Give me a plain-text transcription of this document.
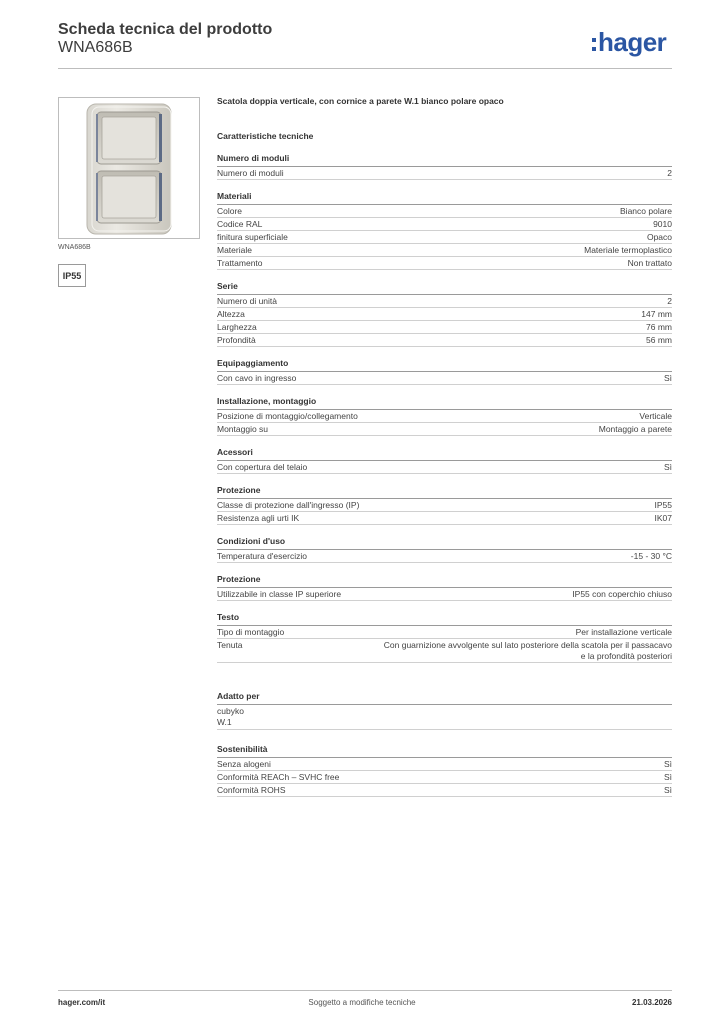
Scheda tecnica del prodotto
WNA686B	hager
WNA686B
IP55

Scatola doppia verticale, con cornice a parete W.1 bianco polare opaco

Caratteristiche tecniche
Numero di moduli
Numero di moduli	2
Materiali
Colore	Bianco polare
Codice RAL	9010
finitura superficiale	Opaco
Materiale	Materiale termoplastico
Trattamento	Non trattato
Serie
Numero di unità	2
Altezza	147 mm
Larghezza	76 mm
Profondità	56 mm
Equipaggiamento
Con cavo in ingresso	Sì
Installazione, montaggio
Posizione di montaggio/collegamento	Verticale
Montaggio su	Montaggio a parete
Acessori
Con copertura del telaio	Sì
Protezione
Classe di protezione dall'ingresso (IP)	IP55
Resistenza agli urti IK	IK07
Condizioni d'uso
Temperatura d'esercizio	-15 - 30 °C
Protezione
Utilizzabile in classe IP superiore	IP55 con coperchio chiuso
Testo
Tipo di montaggio	Per installazione verticale
Tenuta	Con guarnizione avvolgente sul lato posteriore della scatola per il passacavo e la profondità posteriori
Adatto per
cubyko
W.1
Sostenibilità
Senza alogeni	Sì
Conformità REACh – SVHC free	Sì
Conformità ROHS	Sì
hager.com/it	Soggetto a modifiche tecniche	21.03.2026
